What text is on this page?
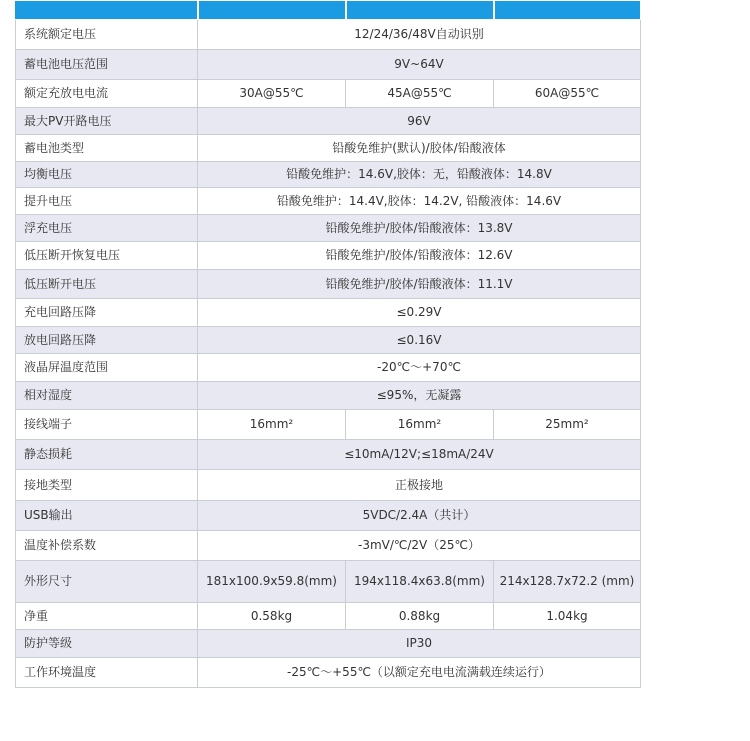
系统额定电压	12/24/36/48V自动识别		
蓄电池电压范围	9V~64V		
额定充放电电流	30A@55℃	45A@55℃	60A@55℃
最大PV开路电压	96V		
蓄电池类型	铅酸免维护(默认)/胶体/铅酸液体		
均衡电压	铅酸免维护：14.6V,胶体：无，铅酸液体：14.8V		
提升电压	铅酸免维护：14.4V,胶体：14.2V, 铅酸液体：14.6V		
浮充电压	铅酸免维护/胶体/铅酸液体：13.8V		
低压断开恢复电压	铅酸免维护/胶体/铅酸液体：12.6V		
低压断开电压	铅酸免维护/胶体/铅酸液体：11.1V		
充电回路压降	≤0.29V		
放电回路压降	≤0.16V		
液晶屏温度范围	-20℃～+70℃		
相对湿度	≤95%，无凝露		
接线端子	16mm²	16mm²	25mm²
静态损耗	≤10mA/12V;≤18mA/24V		
接地类型	正极接地		
USB输出	5VDC/2.4A（共计）		
温度补偿系数	-3mV/℃/2V（25℃）		
外形尺寸	181x100.9x59.8(mm)	194x118.4x63.8(mm)	214x128.7x72.2 (mm)
净重	0.58kg	0.88kg	1.04kg
防护等级	IP30		
工作环境温度	-25℃～+55℃（以额定充电电流满载连续运行）		
